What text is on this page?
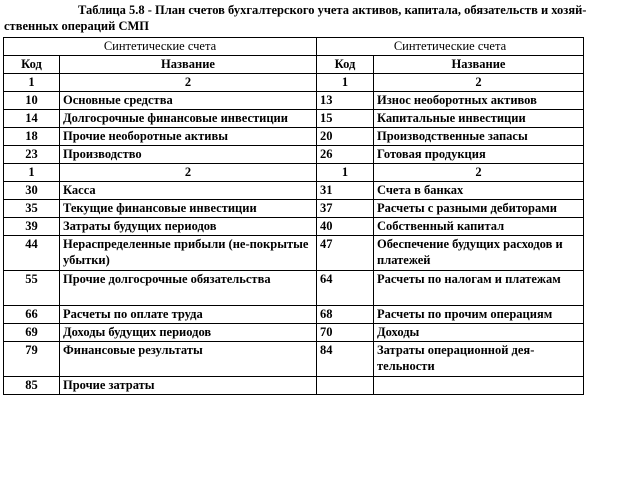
Таблица 5.8 - План счетов бухгалтерского учета активов, капитала, обязательств и хозяй-
ственных операций СМП
Синтетические счета		Синтетические счета	
Код	Название	Код	Название
1	2	1	2
10	Основные средства	13	Износ необоротных активов
14	Долгосрочные финансовые инвестиции	15	Капитальные инвестиции
18	Прочие необоротные активы	20	Производственные запасы
23	Производство	26	Готовая продукция
1	2	1	2
30	Касса	31	Счета в банках
35	Текущие финансовые инвестиции	37	Расчеты с разными дебиторами
39	Затраты будущих периодов	40	Собственный капитал
44	Нераспределенные прибыли (не-покрытые убытки)	47	Обеспечение будущих расходов и платежей
55	Прочие долгосрочные обязательства	64	Расчеты по налогам и платежам
66	Расчеты по оплате труда	68	Расчеты по прочим операциям
69	Доходы будущих периодов	70	Доходы
79	Финансовые результаты	84	Затраты операционной дея-тельности
85	Прочие затраты		
